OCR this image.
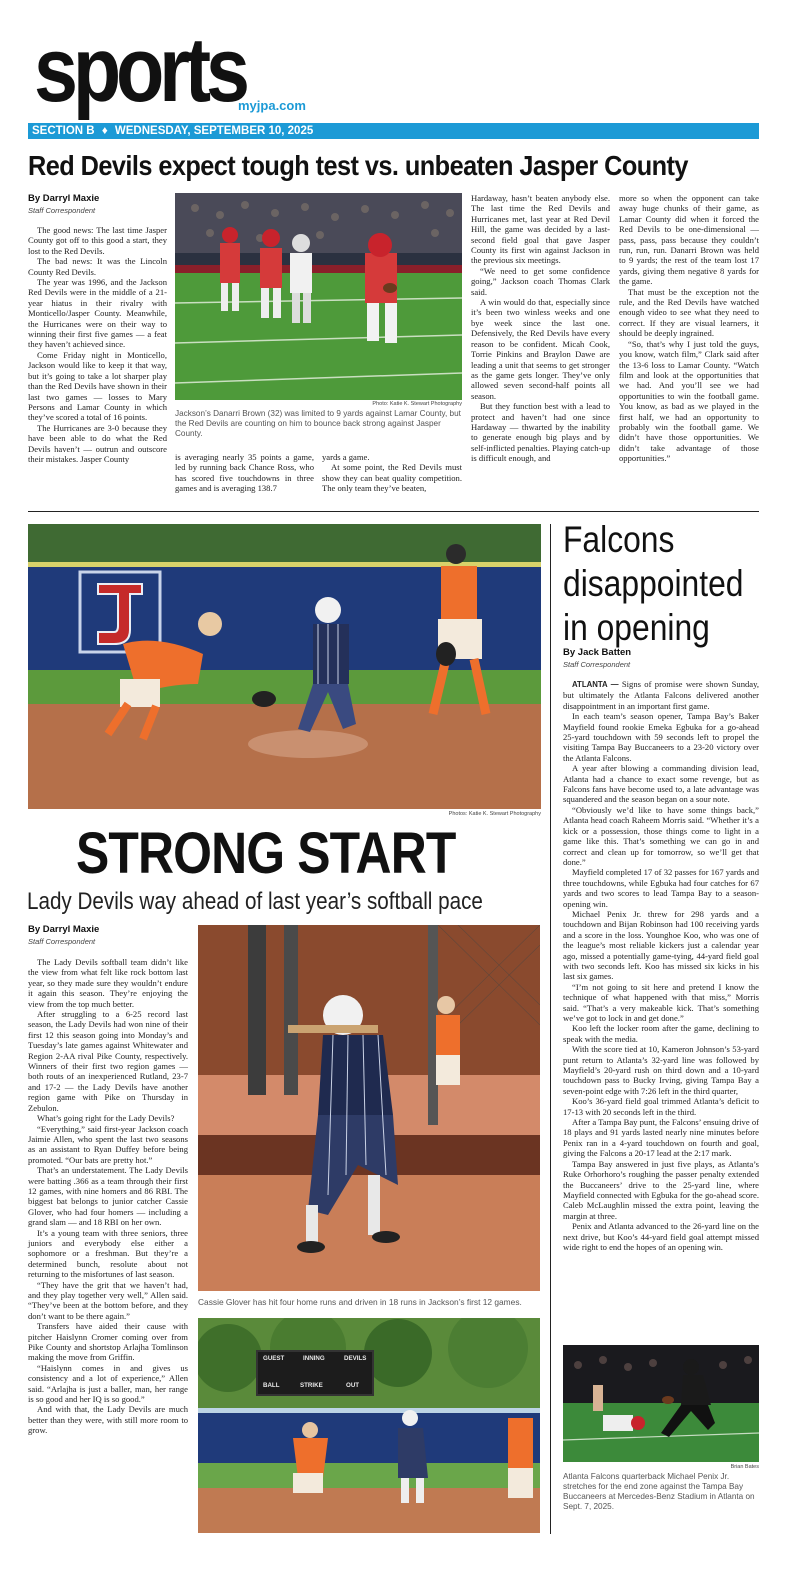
sports
myjpa.com
SECTION B ♦ WEDNESDAY, SEPTEMBER 10, 2025
Red Devils expect tough test vs. unbeaten Jasper County
By Darryl Maxie
Staff Correspondent

The good news: The last time Jasper County got off to this good a start, they lost to the Red Devils.

The bad news: It was the Lincoln County Red Devils.

The year was 1996, and the Jackson Red Devils were in the middle of a 21-year hiatus in their rivalry with Monticello/Jasper County. Meanwhile, the Hurricanes were on their way to winning their first five games — a feat they haven’t achieved since.

Come Friday night in Monticello, Jackson would like to keep it that way, but it’s going to take a lot sharper play than the Red Devils have shown in their last two games — losses to Mary Persons and Lamar County in which they’ve scored a total of 16 points.

The Hurricanes are 3-0 because they have been able to do what the Red Devils haven’t — outrun and outscore their mistakes. Jasper County

Photo: Katie K. Stewart Photography
Jackson’s Danarri Brown (32) was limited to 9 yards against Lamar County, but the Red Devils are counting on him to bounce back strong against Jasper County.

is averaging nearly 35 points a game, led by running back Chance Ross, who has scored five touchdowns in three games and is averaging 138.7

yards a game.

At some point, the Red Devils must show they can beat quality competition. The only team they’ve beaten,

Hardaway, hasn’t beaten anybody else. The last time the Red Devils and Hurricanes met, last year at Red Devil Hill, the game was decided by a last-second field goal that gave Jasper County its first win against Jackson in the previous six meetings.

“We need to get some confidence going,” Jackson coach Thomas Clark said.

A win would do that, especially since it’s been two winless weeks and one bye week since the last one. Defensively, the Red Devils have every reason to be confident. Micah Cook, Torrie Pinkins and Braylon Dawe are leading a unit that seems to get stronger as the game gets longer. They’ve only allowed seven second-half points all season.

But they function best with a lead to protect and haven’t had one since Hardaway — thwarted by the inability to generate enough big plays and by self-inflicted penalties. Playing catch-up is difficult enough, and

more so when the opponent can take away huge chunks of their game, as Lamar County did when it forced the Red Devils to be one-dimensional — pass, pass, pass because they couldn’t run, run, run. Danarri Brown was held to 9 yards; the rest of the team lost 17 yards, giving them negative 8 yards for the game.

That must be the exception not the rule, and the Red Devils have watched enough video to see what they need to correct. If they are visual learners, it should be deeply ingrained.

“So, that’s why I just told the guys, you know, watch film,” Clark said after the 13-6 loss to Lamar County. “Watch film and look at the opportunities that we had. And you’ll see we had opportunities to win the football game. You know, as bad as we played in the first half, we had an opportunity to probably win the football game. We didn’t have those opportunities. We didn’t take advantage of those opportunities.”

Photos: Katie K. Stewart Photography
STRONG START
Lady Devils way ahead of last year’s softball pace
By Darryl Maxie
Staff Correspondent

The Lady Devils softball team didn’t like the view from what felt like rock bottom last year, so they made sure they wouldn’t endure it again this season. They’re enjoying the view from the top much better.

After struggling to a 6-25 record last season, the Lady Devils had won nine of their first 12 this season going into Monday’s and Tuesday’s late games against Whitewater and Region 2-AA rival Pike County, respectively. Winners of their first two region games — both routs of an inexperienced Rutland, 23-7 and 17-2 — the Lady Devils have another region game with Pike on Thursday in Zebulon.

What’s going right for the Lady Devils?

“Everything,” said first-year Jackson coach Jaimie Allen, who spent the last two seasons as an assistant to Ryan Duffey before being promoted. “Our bats are pretty hot.”

That’s an understatement. The Lady Devils were batting .366 as a team through their first 12 games, with nine homers and 86 RBI. The biggest bat belongs to junior catcher Cassie Glover, who had four homers — including a grand slam — and 18 RBI on her own.

It’s a young team with three seniors, three juniors and everybody else either a sophomore or a freshman. But they’re a determined bunch, resolute about not returning to the misfortunes of last season.

“They have the grit that we haven’t had, and they play together very well,” Allen said. “They’ve been at the bottom before, and they don’t want to be there again.”

Transfers have aided their cause with pitcher Haislynn Cromer coming over from Pike County and shortstop Arlajha Tomlinson making the move from Griffin.

“Haislynn comes in and gives us consistency and a lot of experience,” Allen said. “Arlajha is just a baller, man, her range is so good and her IQ is so good.”

And with that, the Lady Devils are much better than they were, with still more room to grow.

Cassie Glover has hit four home runs and driven in 18 runs in Jackson’s first 12 games.
GUEST	INNING	DEVILS
BALL	STRIKE	OUT
Falcons disappointed in opening
By Jack Batten
Staff Correspondent

ATLANTA — Signs of promise were shown Sunday, but ultimately the Atlanta Falcons delivered another disappointment in an important first game.

In each team’s season opener, Tampa Bay’s Baker Mayfield found rookie Emeka Egbuka for a go-ahead 25-yard touchdown with 59 seconds left to propel the visiting Tampa Bay Buccaneers to a 23-20 victory over the Atlanta Falcons.

A year after blowing a commanding division lead, Atlanta had a chance to exact some revenge, but as Falcons fans have become used to, a late advantage was squandered and the season began on a sour note.

“Obviously we’d like to have some things back,” Atlanta head coach Raheem Morris said. “Whether it’s a kick or a possession, those things come to light in a game like this. That’s something we can go in and correct and clean up for tomorrow, so we’ll get that done.”

Mayfield completed 17 of 32 passes for 167 yards and three touchdowns, while Egbuka had four catches for 67 yards and two scores to lead Tampa Bay to a season-opening win.

Michael Penix Jr. threw for 298 yards and a touchdown and Bijan Robinson had 100 receiving yards and a score in the loss. Younghoe Koo, who was one of the league’s most reliable kickers just a calendar year ago, missed a potentially game-tying, 44-yard field goal with two seconds left. Koo has missed six kicks in his last six games.

“I’m not going to sit here and pretend I know the technique of what happened with that miss,” Morris said. “That’s a very makeable kick. That’s something we’ve got to lock in and get done.”

Koo left the locker room after the game, declining to speak with the media.

With the score tied at 10, Kameron Johnson’s 53-yard punt return to Atlanta’s 32-yard line was followed by Mayfield’s 20-yard rush on third down and a 10-yard touchdown pass to Bucky Irving, giving Tampa Bay a seven-point edge with 7:26 left in the third quarter,

Koo’s 36-yard field goal trimmed Atlanta’s deficit to 17-13 with 20 seconds left in the third.

After a Tampa Bay punt, the Falcons’ ensuing drive of 18 plays and 91 yards lasted nearly nine minutes before Penix ran in a 4-yard touchdown on fourth and goal, giving the Falcons a 20-17 lead at the 2:17 mark.

Tampa Bay answered in just five plays, as Atlanta’s Ruke Orhorhoro’s roughing the passer penalty extended the Buccaneers’ drive to the 25-yard line, where Mayfield connected with Egbuka for the go-ahead score. Caleb McLaughlin missed the extra point, leaving the margin at three.

Penix and Atlanta advanced to the 26-yard line on the next drive, but Koo’s 44-yard field goal attempt missed wide right to end the hopes of an opening win.

Brian Bates
Atlanta Falcons quarterback Michael Penix Jr. stretches for the end zone against the Tampa Bay Buccaneers at Mercedes-Benz Stadium in Atlanta on Sept. 7, 2025.
